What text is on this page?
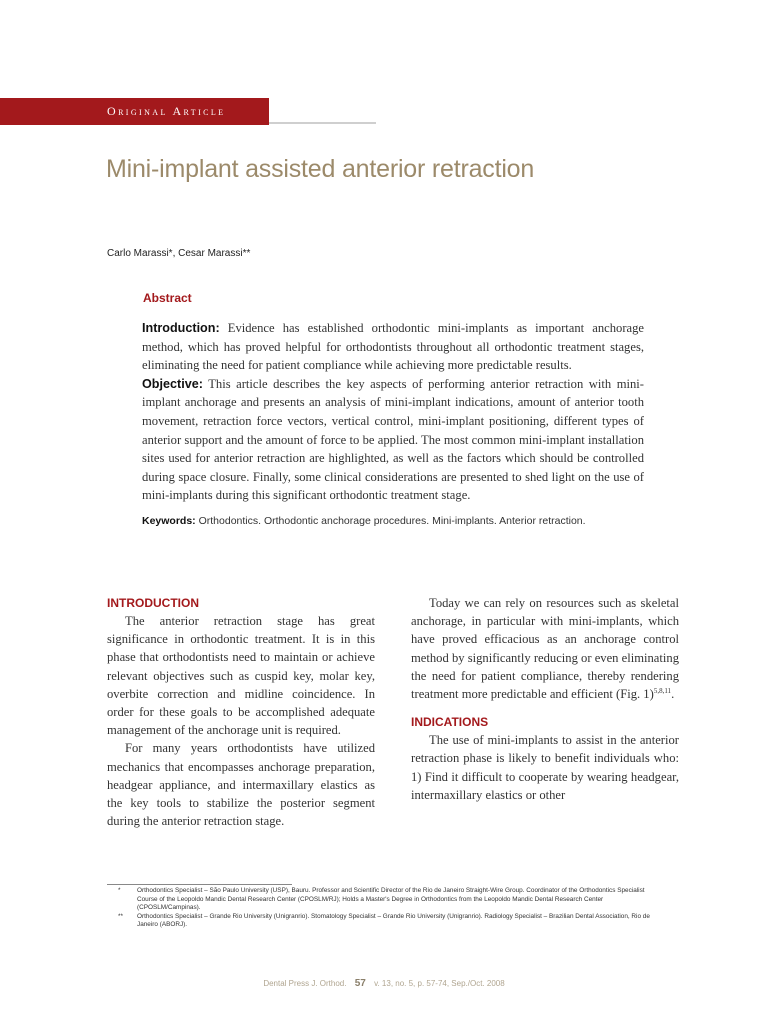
Original Article
Mini-implant assisted anterior retraction
Carlo Marassi*, Cesar Marassi**
Abstract
Introduction: Evidence has established orthodontic mini-implants as important anchorage method, which has proved helpful for orthodontists throughout all orthodontic treatment stages, eliminating the need for patient compliance while achieving more predictable results.
Objective: This article describes the key aspects of performing anterior retraction with mini-implant anchorage and presents an analysis of mini-implant indications, amount of anterior tooth movement, retraction force vectors, vertical control, mini-implant positioning, different types of anterior support and the amount of force to be applied. The most common mini-implant installation sites used for anterior retraction are highlighted, as well as the factors which should be controlled during space closure. Finally, some clinical considerations are presented to shed light on the use of mini-implants during this significant orthodontic treatment stage.
Keywords: Orthodontics. Orthodontic anchorage procedures. Mini-implants. Anterior retraction.
INTRODUCTION

The anterior retraction stage has great significance in orthodontic treatment. It is in this phase that orthodontists need to maintain or achieve relevant objectives such as cuspid key, molar key, overbite correction and midline coincidence. In order for these goals to be accomplished adequate management of the anchorage unit is required.

For many years orthodontists have utilized mechanics that encompasses anchorage preparation, headgear appliance, and intermaxillary elastics as the key tools to stabilize the posterior segment during the anterior retraction stage.

Today we can rely on resources such as skeletal anchorage, in particular with mini-implants, which have proved efficacious as an anchorage control method by significantly reducing or even eliminating the need for patient compliance, thereby rendering treatment more predictable and efficient (Fig. 1)$^{5,8,11}$.

INDICATIONS

The use of mini-implants to assist in the anterior retraction phase is likely to benefit individuals who: 1) Find it difficult to cooperate by wearing headgear, intermaxillary elastics or other

*	Orthodontics Specialist – São Paulo University (USP), Bauru. Professor and Scientific Director of the Rio de Janeiro Straight-Wire Group. Coordinator of the Orthodontics Specialist Course of the Leopoldo Mandic Dental Research Center (CPOSLM/RJ); Holds a Master's Degree in Orthodontics from the Leopoldo Mandic Dental Research Center (CPOSLM/Campinas).
** Orthodontics Specialist – Grande Rio University (Unigranrio). Stomatology Specialist – Grande Rio University (Unigranrio). Radiology Specialist – Brazilian Dental Association, Rio de Janeiro (ABORJ).
Dental Press J. Orthod. 57 v. 13, no. 5, p. 57-74, Sep./Oct. 2008
